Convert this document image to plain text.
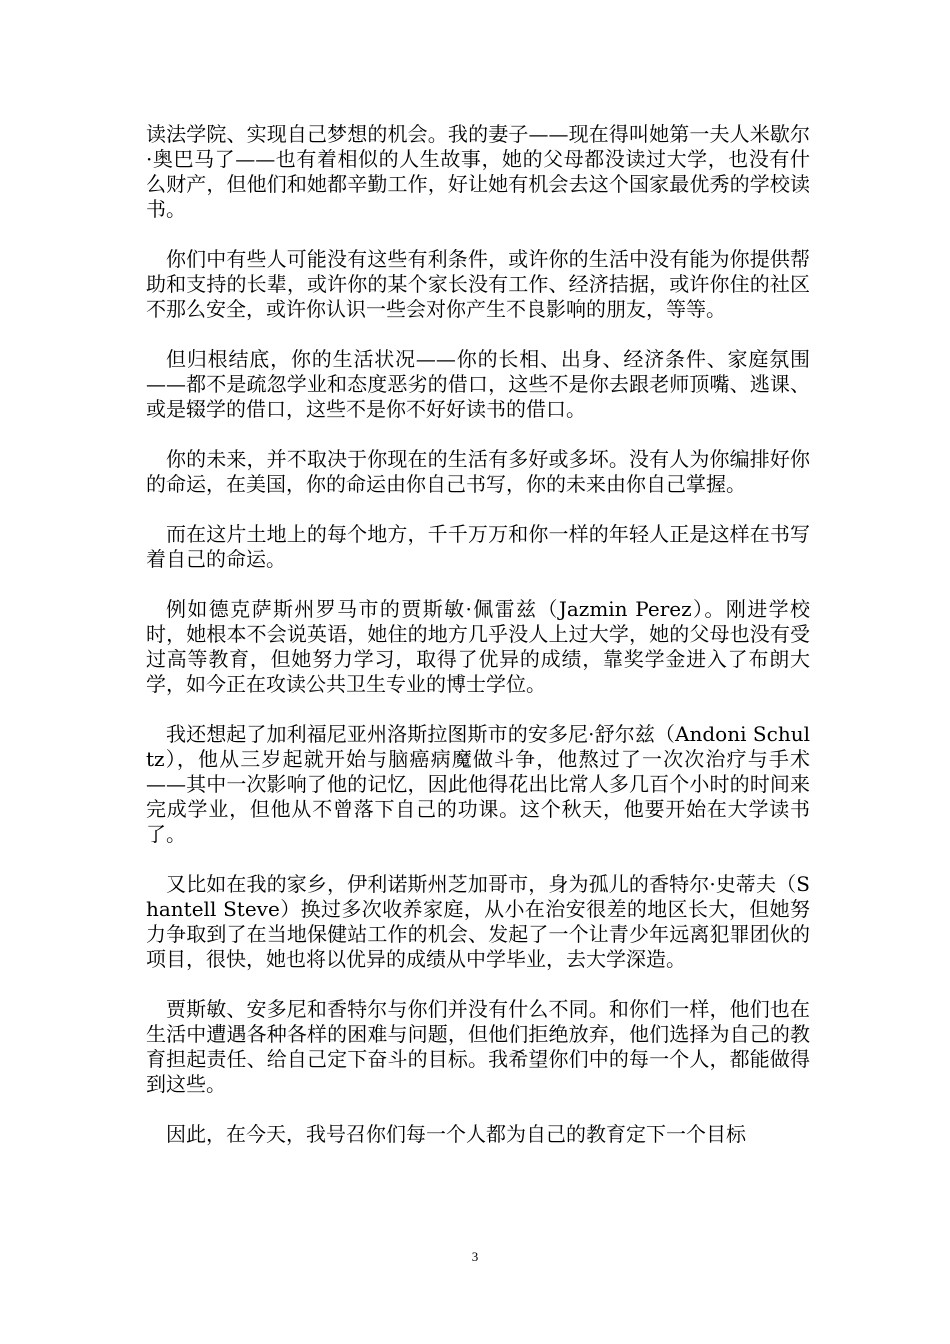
读法学院、实现自己梦想的机会。我的妻子——现在得叫她第一夫人米歇尔·奥巴马了——也有着相似的人生故事，她的父母都没读过大学，也没有什么财产，但他们和她都辛勤工作，好让她有机会去这个国家最优秀的学校读书。

你们中有些人可能没有这些有利条件，或许你的生活中没有能为你提供帮助和支持的长辈，或许你的某个家长没有工作、经济拮据，或许你住的社区不那么安全，或许你认识一些会对你产生不良影响的朋友，等等。

但归根结底，你的生活状况——你的长相、出身、经济条件、家庭氛围——都不是疏忽学业和态度恶劣的借口，这些不是你去跟老师顶嘴、逃课、或是辍学的借口，这些不是你不好好读书的借口。

你的未来，并不取决于你现在的生活有多好或多坏。没有人为你编排好你的命运，在美国，你的命运由你自己书写，你的未来由你自己掌握。

而在这片土地上的每个地方，千千万万和你一样的年轻人正是这样在书写着自己的命运。

例如德克萨斯州罗马市的贾斯敏·佩雷兹（Jazmin Perez）。刚进学校时，她根本不会说英语，她住的地方几乎没人上过大学，她的父母也没有受过高等教育，但她努力学习，取得了优异的成绩，靠奖学金进入了布朗大学，如今正在攻读公共卫生专业的博士学位。

我还想起了加利福尼亚州洛斯拉图斯市的安多尼·舒尔兹（Andoni Schultz），他从三岁起就开始与脑癌病魔做斗争，他熬过了一次次治疗与手术——其中一次影响了他的记忆，因此他得花出比常人多几百个小时的时间来完成学业，但他从不曾落下自己的功课。这个秋天，他要开始在大学读书了。

又比如在我的家乡，伊利诺斯州芝加哥市，身为孤儿的香特尔·史蒂夫（Shantell Steve）换过多次收养家庭，从小在治安很差的地区长大，但她努力争取到了在当地保健站工作的机会、发起了一个让青少年远离犯罪团伙的项目，很快，她也将以优异的成绩从中学毕业，去大学深造。

贾斯敏、安多尼和香特尔与你们并没有什么不同。和你们一样，他们也在生活中遭遇各种各样的困难与问题，但他们拒绝放弃，他们选择为自己的教育担起责任、给自己定下奋斗的目标。我希望你们中的每一个人，都能做得到这些。

因此，在今天，我号召你们每一个人都为自己的教育定下一个目标

3
